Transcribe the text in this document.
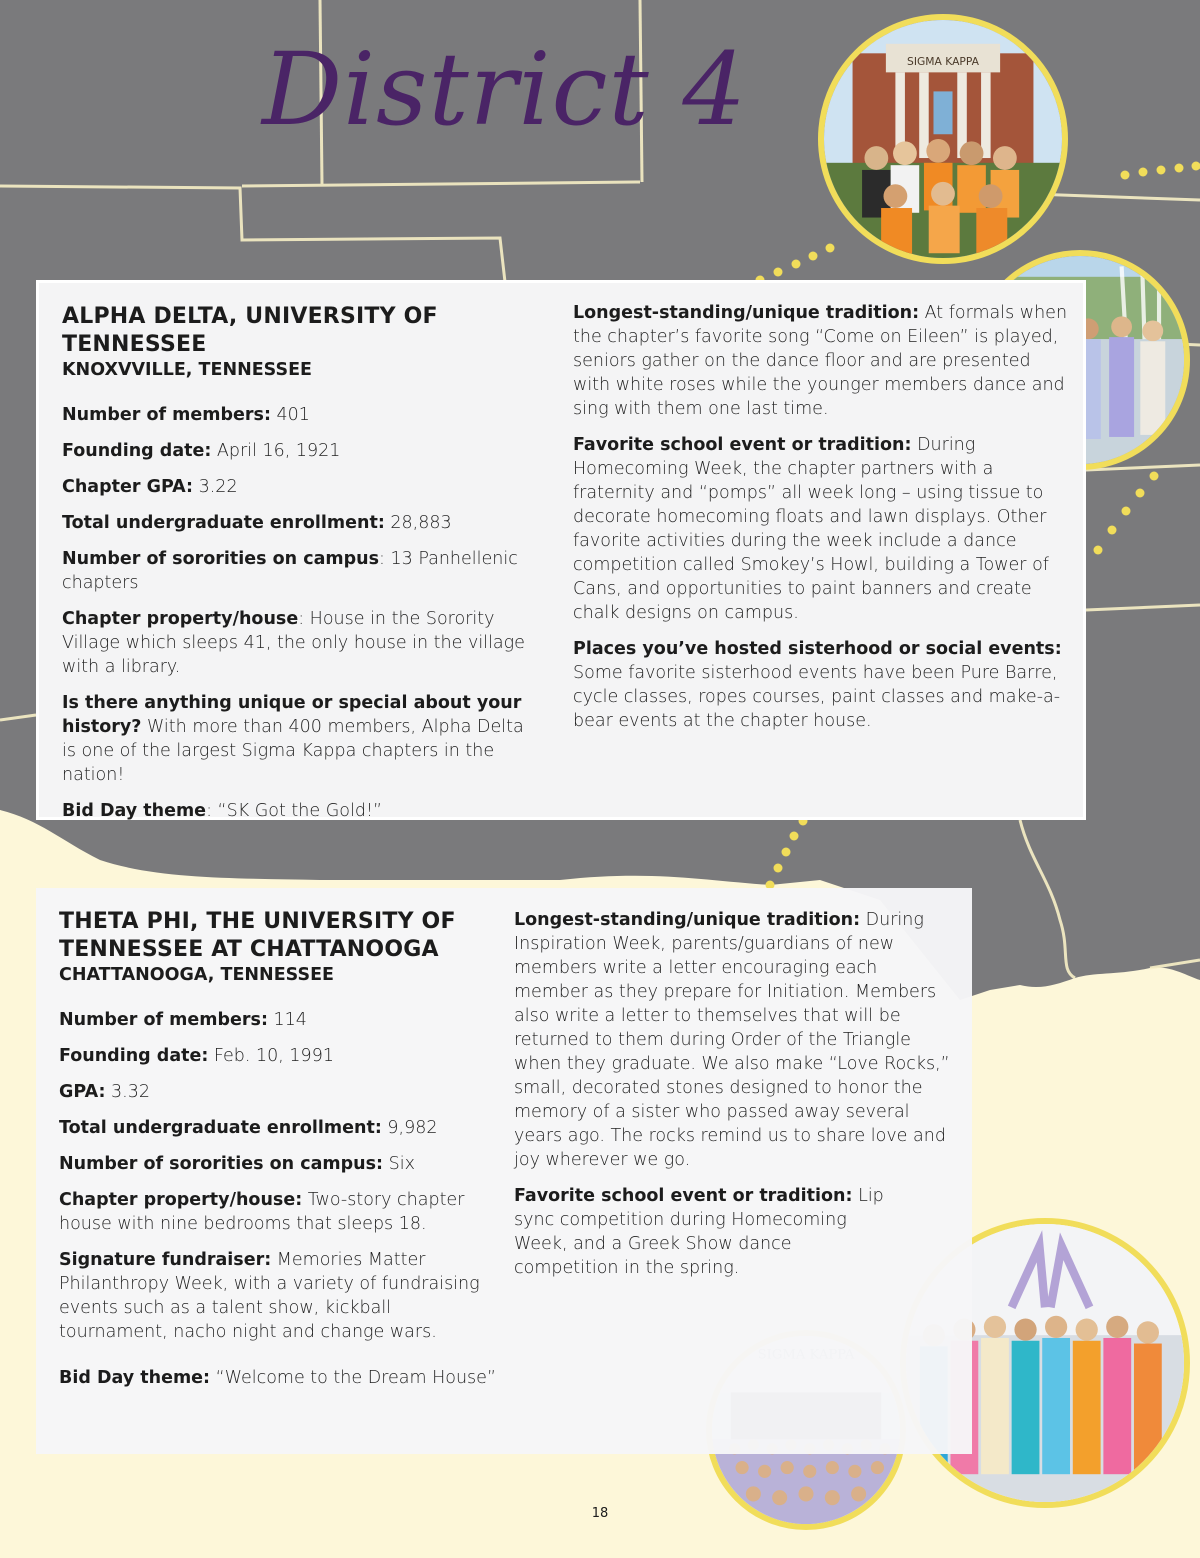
District 4	SIGMA KAPPA
ALPHA DELTA, UNIVERSITY OF TENNESSEE
KNOXVVILLE, TENNESSEE

Number of members: 401

Founding date: April 16, 1921

Chapter GPA: 3.22

Total undergraduate enrollment: 28,883

Number of sororities on campus: 13 Panhellenic chapters

Chapter property/house: House in the Sorority Village which sleeps 41, the only house in the village with a library.

Is there anything unique or special about your history? With more than 400 members, Alpha Delta is one of the largest Sigma Kappa chapters in the nation!

Bid Day theme: “SK Got the Gold!”

Longest-standing/unique tradition: At formals when the chapter’s favorite song “Come on Eileen” is played, seniors gather on the dance floor and are presented with white roses while the younger members dance and sing with them one last time.

Favorite school event or tradition: During Homecoming Week, the chapter partners with a fraternity and “pomps” all week long – using tissue to decorate homecoming floats and lawn displays. Other favorite activities during the week include a dance competition called Smokey’s Howl, building a Tower of Cans, and opportunities to paint banners and create chalk designs on campus.

Places you’ve hosted sisterhood or social events: Some favorite sisterhood events have been Pure Barre, cycle classes, ropes courses, paint classes and make-a-bear events at the chapter house.

THETA PHI, THE UNIVERSITY OF TENNESSEE AT CHATTANOOGA
CHATTANOOGA, TENNESSEE

Number of members: 114

Founding date: Feb. 10, 1991

GPA: 3.32

Total undergraduate enrollment: 9,982

Number of sororities on campus: Six

Chapter property/house: Two-story chapter house with nine bedrooms that sleeps 18.

Signature fundraiser: Memories Matter Philanthropy Week, with a variety of fundraising events such as a talent show, kickball tournament, nacho night and change wars.

Bid Day theme: “Welcome to the Dream House”

Longest-standing/unique tradition: During Inspiration Week, parents/guardians of new members write a letter encouraging each member as they prepare for Initiation. Members also write a letter to themselves that will be returned to them during Order of the Triangle when they graduate. We also make “Love Rocks,” small, decorated stones designed to honor the memory of a sister who passed away several years ago. The rocks remind us to share love and joy wherever we go.

Favorite school event or tradition: Lip sync competition during Homecoming Week, and a Greek Show dance competition in the spring.

18
